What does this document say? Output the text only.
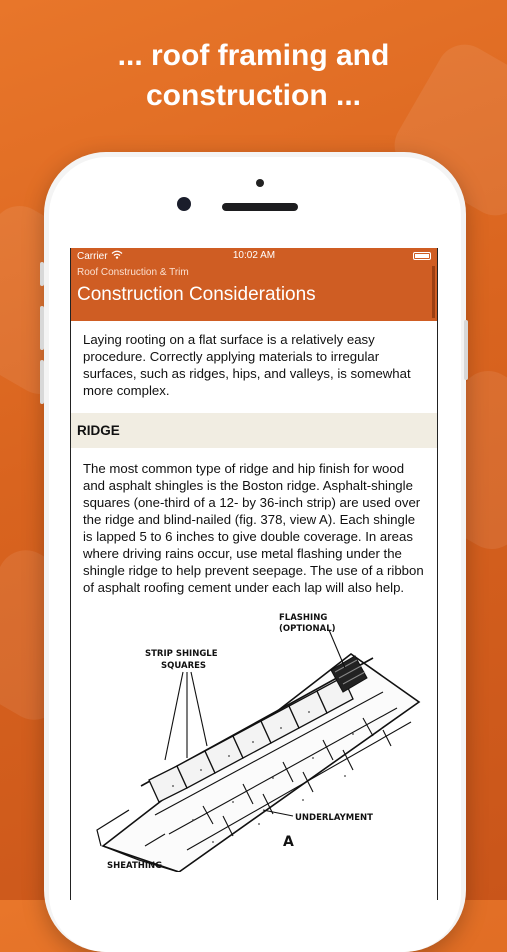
... roof framing and
construction ...
Carrier	10:02 AM
Roof Construction & Trim
Construction Considerations

Laying rooting on a flat surface is a relatively easy procedure. Correctly applying materials to irregular surfaces, such as ridges, hips, and valleys, is somewhat more complex.

RIDGE

The most common type of ridge and hip finish for wood and asphalt shingles is the Boston ridge. Asphalt-shingle squares (one-third of a 12- by 36-inch strip) are used over the ridge and blind-nailed (fig. 378, view A). Each shingle is lapped 5 to 6 inches to give double coverage. In areas where driving rains occur, use metal flashing under the shingle ridge to help prevent seepage. The use of a ribbon of asphalt roofing cement under each lap will also help.

FLASHING
(OPTIONAL)
STRIP SHINGLE
SQUARES
UNDERLAYMENT
A
SHEATHING
